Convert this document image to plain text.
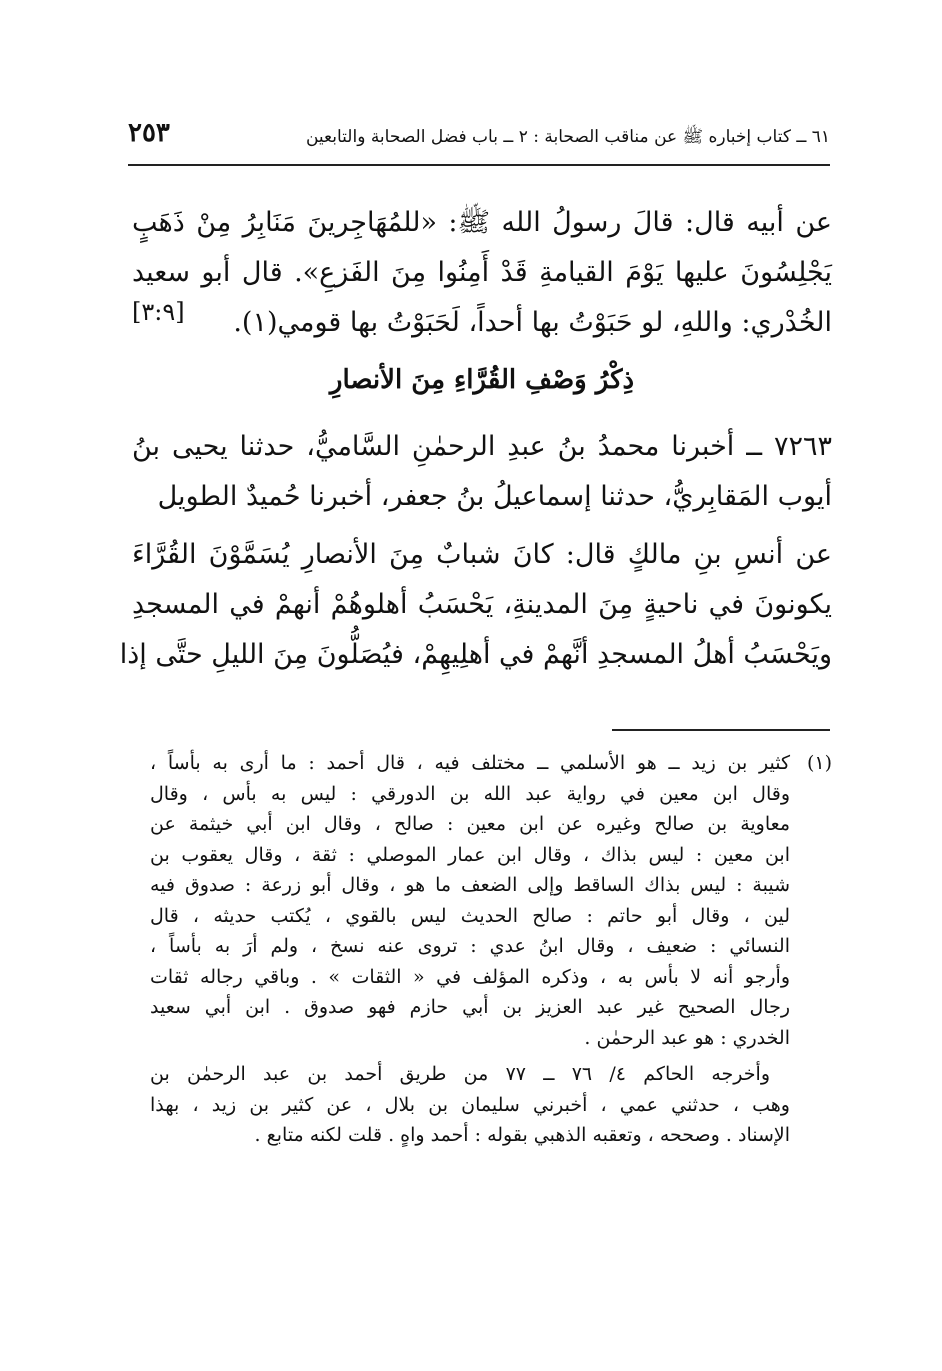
٦١ ــ كتاب إخباره ﷺ عن مناقب الصحابة : ٢ ــ باب فضل الصحابة والتابعين
٢٥٣
عن أبيه قال: قالَ رسولُ الله ﷺ: «للمُهَاجِرينَ مَنَابِرُ مِنْ ذَهَبٍ
يَجْلِسُونَ عليها يَوْمَ القيامةِ قَدْ أَمِنُوا مِنَ الفَزعِ». قال أبو سعيد
الخُدْري: واللهِ، لو حَبَوْتُ بها أحداً، لَحَبَوْتُ بها قومي(١).
[٣:٩]
ذِكْرُ وَصْفِ القُرَّاءِ مِنَ الأنصارِ
٧٢٦٣ ــ أخبرنا محمدُ بنُ عبدِ الرحمٰنِ السَّاميُّ، حدثنا يحيى بنُ
أيوب المَقابِريُّ، حدثنا إسماعيلُ بنُ جعفر، أخبرنا حُميدٌ الطويل
عن أنسِ بنِ مالكٍ قال: كانَ شبابٌ مِنَ الأنصارِ يُسَمَّوْنَ القُرَّاءَ
يكونونَ في ناحيةٍ مِنَ المدينةِ، يَحْسَبُ أهلوهُمْ أنهمْ في المسجدِ
ويَحْسَبُ أهلُ المسجدِ أنَّهمْ في أهلِيهِمْ، فيُصَلُّونَ مِنَ الليلِ حتَّى إذا
(١)
كثير بن زيد ــ هو الأسلمي ــ مختلف فيه ، قال أحمد : ما أرى به بأساً ،
وقال ابن معين في رواية عبد الله بن الدورقي : ليس به بأس ، وقال
معاوية بن صالح وغيره عن ابن معين : صالح ، وقال ابن أبي خيثمة عن
ابن معين : ليس بذاك ، وقال ابن عمار الموصلي : ثقة ، وقال يعقوب بن
شيبة : ليس بذاك الساقط وإلى الضعف ما هو ، وقال أبو زرعة : صدوق فيه
لين ، وقال أبو حاتم : صالح الحديث ليس بالقوي ، يُكتب حديثه ، قال
النسائي : ضعيف ، وقال ابنُ عدي : تروى عنه نسخ ، ولم أرَ به بأساً ،
وأرجو أنه لا بأس به ، وذكره المؤلف في « الثقات » . وباقي رجاله ثقات
رجال الصحيح غير عبد العزيز بن أبي حازم فهو صدوق . ابن أبي سعيد
الخدري : هو عبد الرحمٰن .
وأخرجه الحاكم ٤/ ٧٦ ــ ٧٧ من طريق أحمد بن عبد الرحمٰن بن
وهب ، حدثني عمي ، أخبرني سليمان بن بلال ، عن كثير بن زيد ، بهذا
الإسناد . وصححه ، وتعقبه الذهبي بقوله : أحمد واهٍ . قلت لكنه متابع .
